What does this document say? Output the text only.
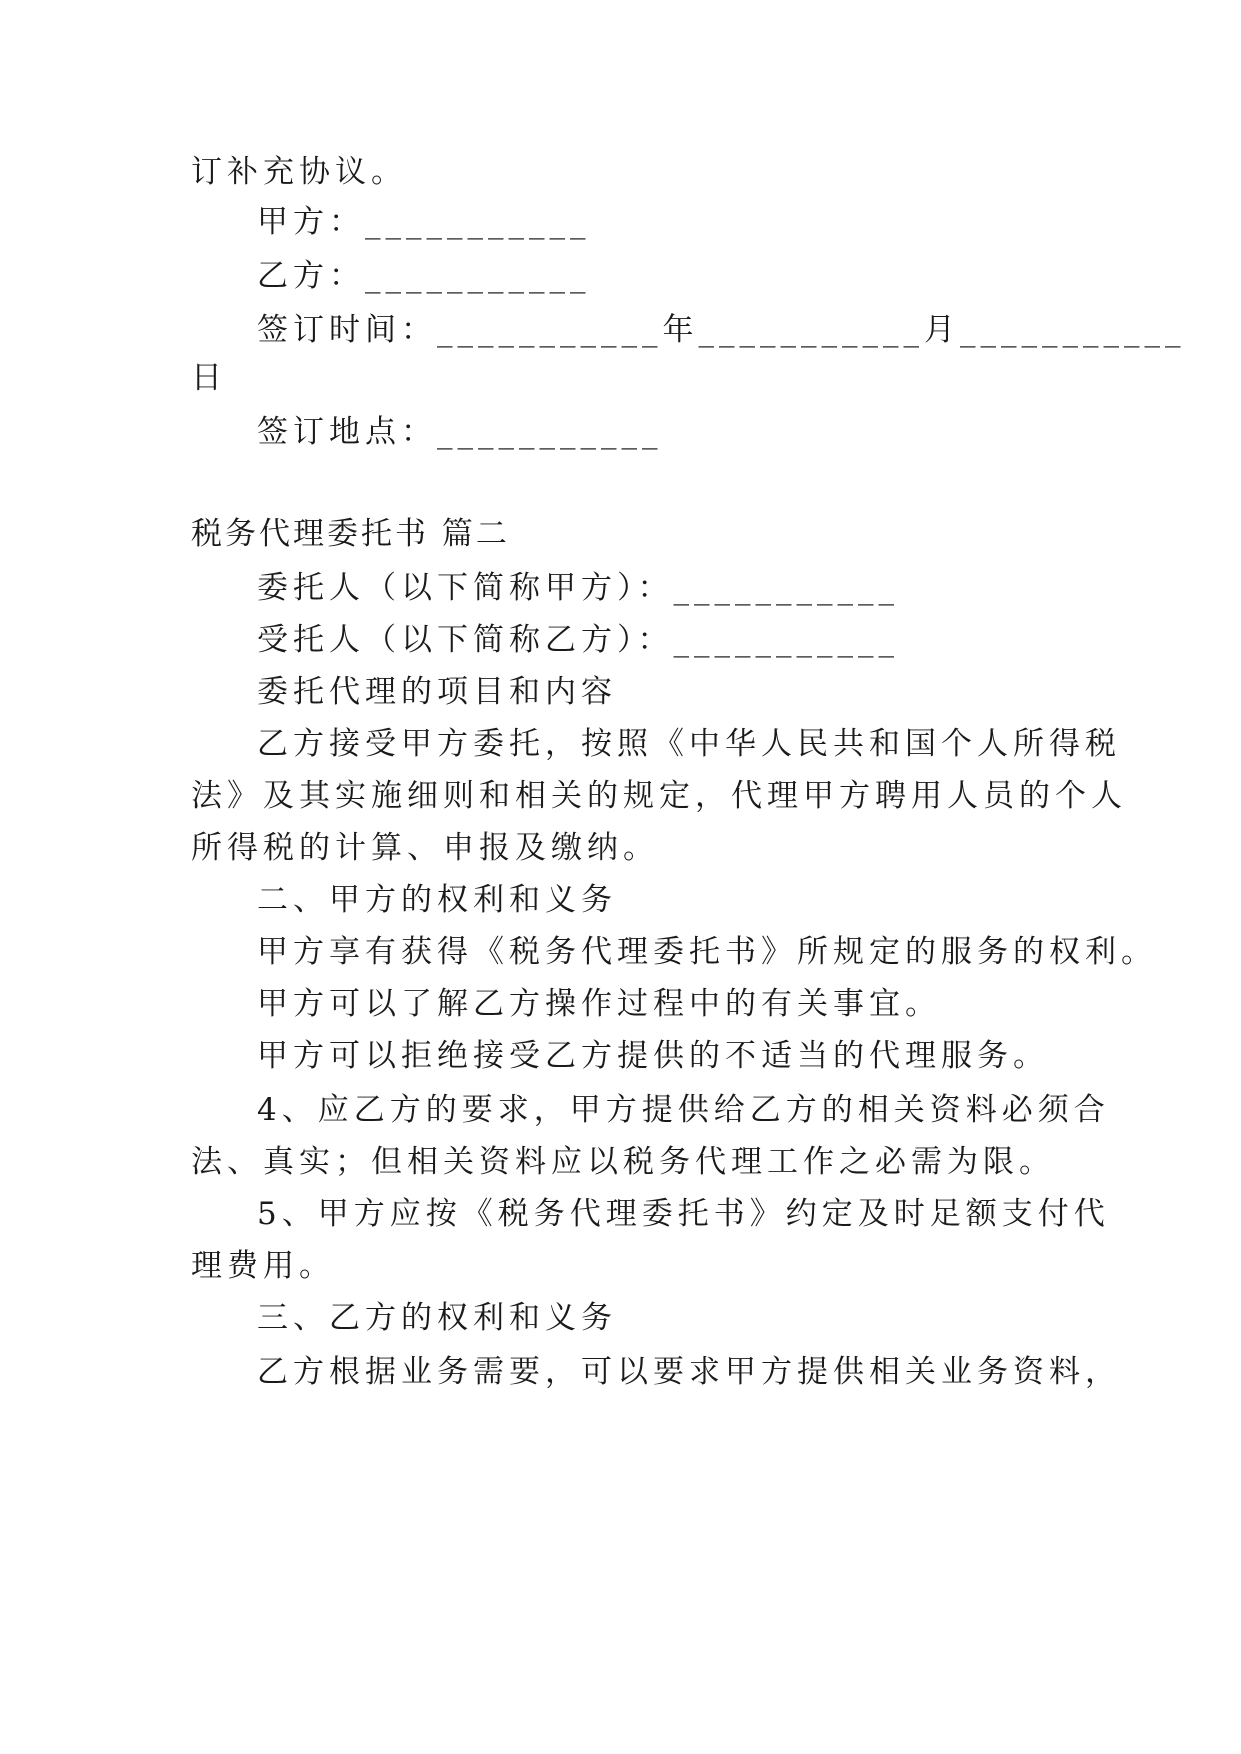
订补充协议。
甲方：___________
乙方：___________
签订时间：___________年___________月___________
日
签订地点：___________
税务代理委托书 篇二
委托人（以下简称甲方）：___________
受托人（以下简称乙方）：___________
委托代理的项目和内容
乙方接受甲方委托，按照《中华人民共和国个人所得税
法》及其实施细则和相关的规定，代理甲方聘用人员的个人
所得税的计算、申报及缴纳。
二、甲方的权利和义务
甲方享有获得《税务代理委托书》所规定的服务的权利。
甲方可以了解乙方操作过程中的有关事宜。
甲方可以拒绝接受乙方提供的不适当的代理服务。
4、应乙方的要求，甲方提供给乙方的相关资料必须合
法、真实；但相关资料应以税务代理工作之必需为限。
5、甲方应按《税务代理委托书》约定及时足额支付代
理费用。
三、乙方的权利和义务
乙方根据业务需要，可以要求甲方提供相关业务资料，
